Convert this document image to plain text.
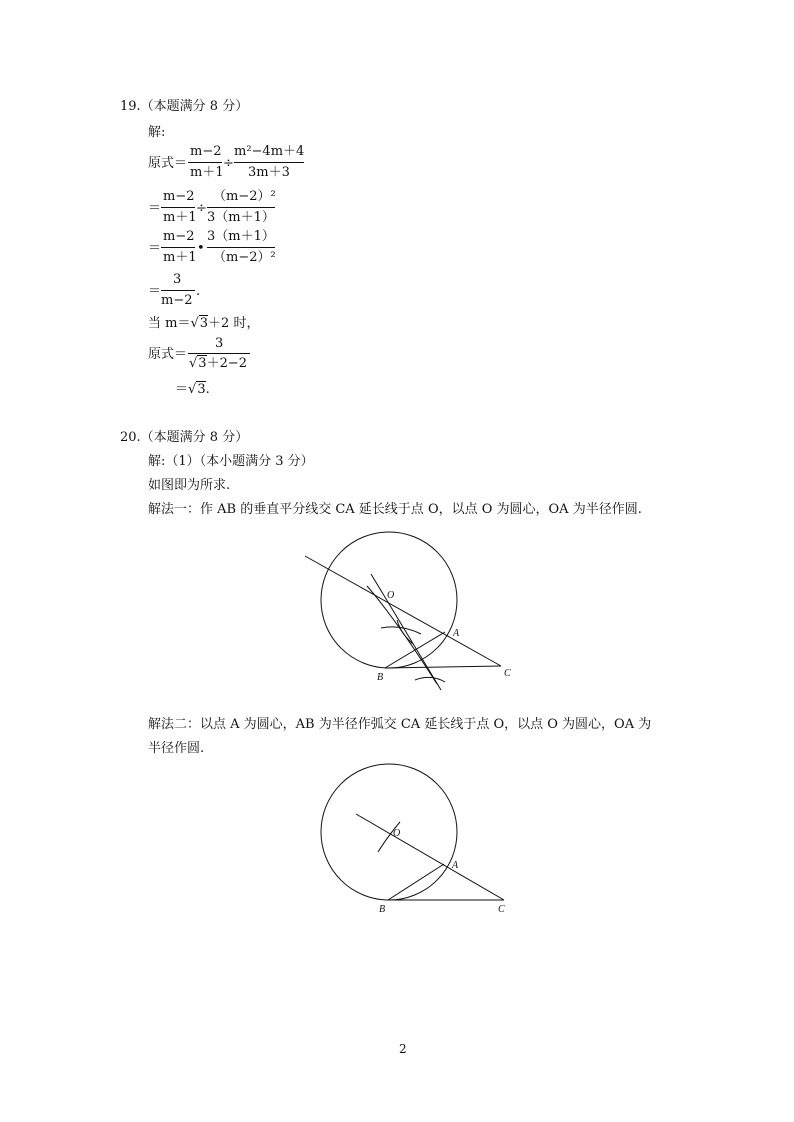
19.（本题满分 8 分）
解:
原式＝
m−2
m＋1
÷
m²−4m＋4
3m＋3
＝
m−2
m＋1
÷
（m−2）²
3（m＋1）
＝
m−2
m＋1
•
3（m＋1）
（m−2）²
＝
3
m−2
.
当 m＝√3＋2 时，
原式＝
3
√3＋2−2
＝√3.
20.（本题满分 8 分）
解:（1）（本小题满分 3 分）
如图即为所求.
解法一：作 AB 的垂直平分线交 CA 延长线于点 O，以点 O 为圆心，OA 为半径作圆.
O
A
B	C
解法二：以点 A 为圆心，AB 为半径作弧交 CA 延长线于点 O，以点 O 为圆心，OA 为
半径作圆.
O
A
B	C
2
